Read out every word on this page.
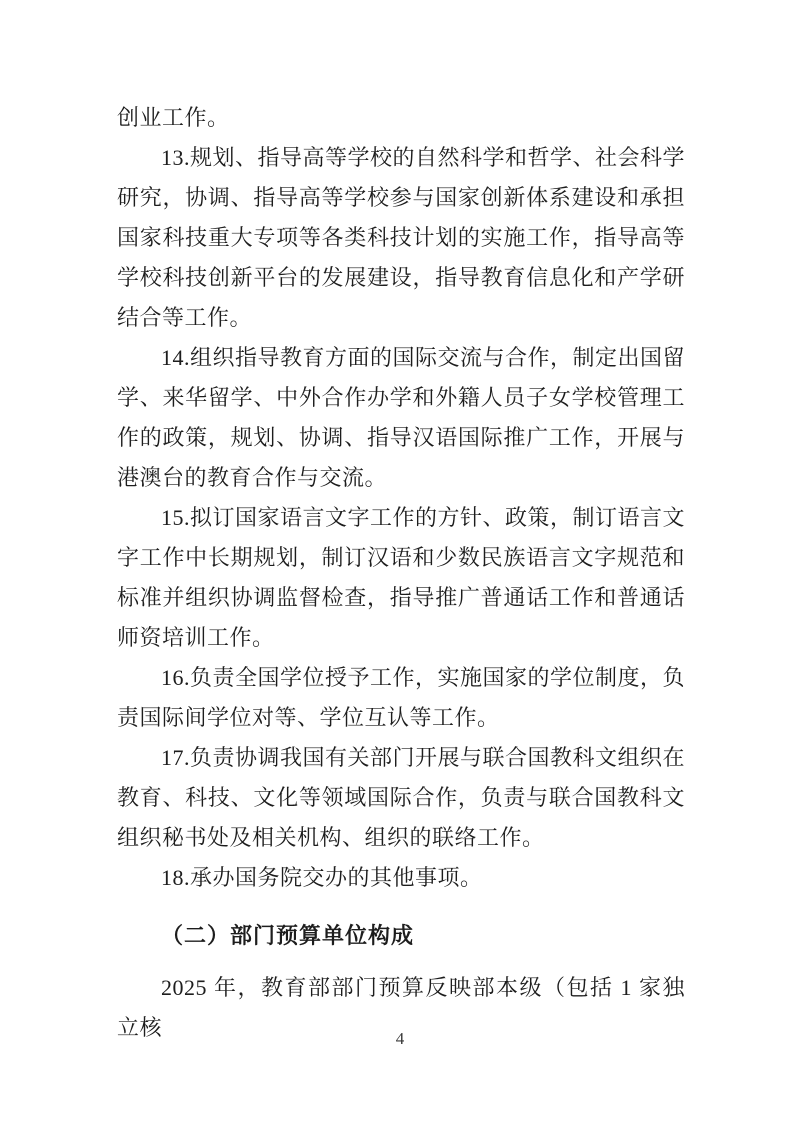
创业工作。

13.规划、指导高等学校的自然科学和哲学、社会科学研究，协调、指导高等学校参与国家创新体系建设和承担国家科技重大专项等各类科技计划的实施工作，指导高等学校科技创新平台的发展建设，指导教育信息化和产学研结合等工作。

14.组织指导教育方面的国际交流与合作，制定出国留学、来华留学、中外合作办学和外籍人员子女学校管理工作的政策，规划、协调、指导汉语国际推广工作，开展与港澳台的教育合作与交流。

15.拟订国家语言文字工作的方针、政策，制订语言文字工作中长期规划，制订汉语和少数民族语言文字规范和标准并组织协调监督检查，指导推广普通话工作和普通话师资培训工作。

16.负责全国学位授予工作，实施国家的学位制度，负责国际间学位对等、学位互认等工作。

17.负责协调我国有关部门开展与联合国教科文组织在教育、科技、文化等领域国际合作，负责与联合国教科文组织秘书处及相关机构、组织的联络工作。

18.承办国务院交办的其他事项。

（二）部门预算单位构成

2025 年，教育部部门预算反映部本级（包括 1 家独立核	4
